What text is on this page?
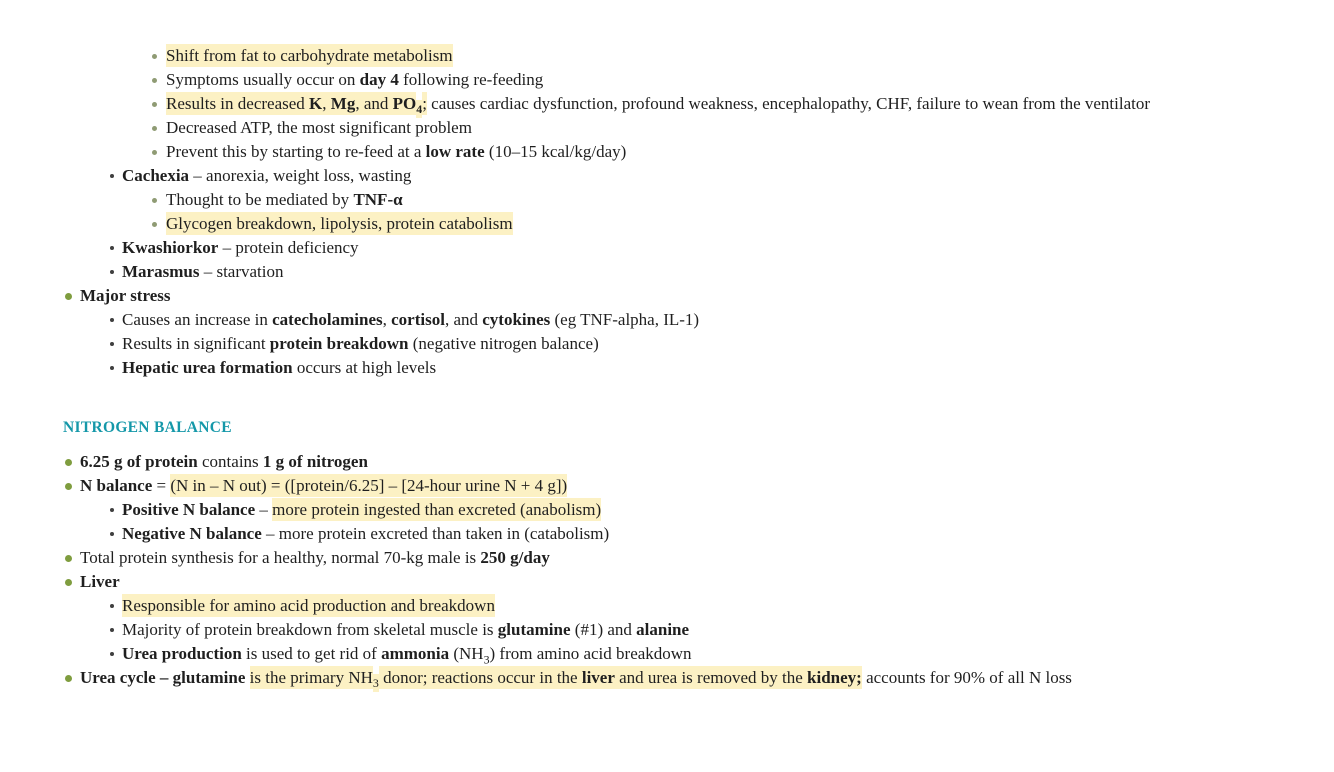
Shift from fat to carbohydrate metabolism
Symptoms usually occur on day 4 following re-feeding
Results in decreased K, Mg, and $PO_4$; causes cardiac dysfunction, profound weakness, encephalopathy, CHF, failure to wean from the ventilator
Decreased ATP, the most significant problem
Prevent this by starting to re-feed at a low rate (10–15 kcal/kg/day)
Cachexia – anorexia, weight loss, wasting
Thought to be mediated by TNF-α
Glycogen breakdown, lipolysis, protein catabolism
Kwashiorkor – protein deficiency
Marasmus – starvation
Major stress
Causes an increase in catecholamines, cortisol, and cytokines (eg TNF-alpha, IL-1)
Results in significant protein breakdown (negative nitrogen balance)
Hepatic urea formation occurs at high levels
NITROGEN BALANCE
6.25 g of protein contains 1 g of nitrogen
N balance = (N in – N out) = ([protein/6.25] – [24-hour urine N + 4 g])
Positive N balance – more protein ingested than excreted (anabolism)
Negative N balance – more protein excreted than taken in (catabolism)
Total protein synthesis for a healthy, normal 70-kg male is 250 g/day
Liver
Responsible for amino acid production and breakdown
Majority of protein breakdown from skeletal muscle is glutamine (#1) and alanine
Urea production is used to get rid of ammonia $(NH_3)$ from amino acid breakdown
Urea cycle – glutamine is the primary $NH_3$ donor; reactions occur in the liver and urea is removed by the kidney; accounts for 90% of all N loss
